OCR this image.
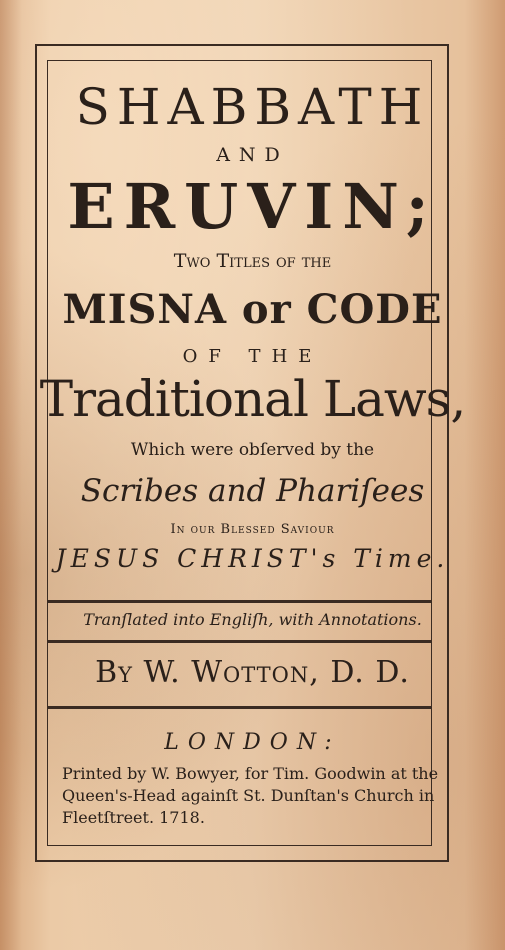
SHABBATH
AND
ERUVIN;
Two Titles of the
MISNA or CODE
OF THE
Traditional Laws,
Which were obſerved by the
Scribes and Phariſees
In our Blessed Saviour
JESUS CHRIST's Time.
Tranſlated into Engliſh, with Annotations.
By W. Wotton, D. D.
LONDON:
Printed by W. Bowyer, for Tim. Goodwin at the
Queen's-Head againſt St. Dunſtan's Church in
Fleetſtreet. 1718.
